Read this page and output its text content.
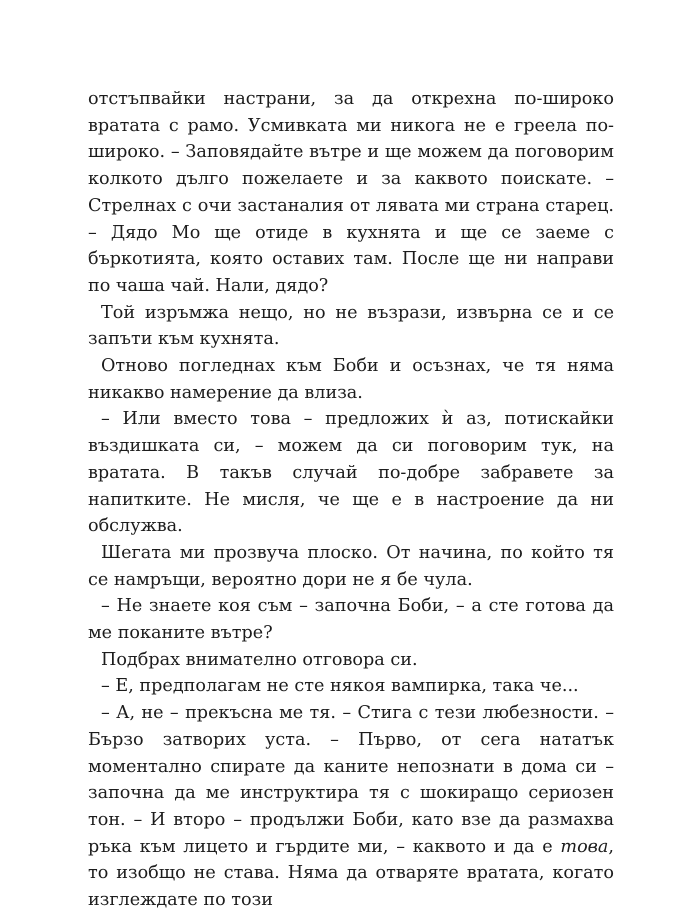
отстъпвайки настрани, за да открехна по-широко вратата с рамо. Усмивката ми никога не е греела по-широко. – Заповядайте вътре и ще можем да поговорим колкото дълго пожелаете и за каквото поискате. – Стрелнах с очи застаналия от лявата ми страна старец. – Дядо Мо ще отиде в кухнята и ще се заеме с бъркотията, която оставих там. После ще ни направи по чаша чай. Нали, дядо?

Той изръмжа нещо, но не възрази, извърна се и се запъти към кухнята.

Отново погледнах към Боби и осъзнах, че тя няма никакво намерение да влиза.

– Или вместо това – предложих ѝ аз, потискайки въздишката си, – можем да си поговорим тук, на вратата. В такъв случай по-добре забравете за напитките. Не мисля, че ще е в настроение да ни обслужва.

Шегата ми прозвуча плоско. От начина, по който тя се намръщи, вероятно дори не я бе чула.

– Не знаете коя съм – започна Боби, – а сте готова да ме поканите вътре?

Подбрах внимателно отговора си.

– Е, предполагам не сте някоя вампирка, така че...

– А, не – прекъсна ме тя. – Стига с тези любезности. – Бързо затворих уста. – Първо, от сега нататък моментално спирате да каните непознати в дома си – започна да ме инструктира тя с шокиращо сериозен тон. – И второ – продължи Боби, като взе да размахва ръка към лицето и гърдите ми, – каквото и да е това, то изобщо не става. Няма да отваряте вратата, когато изглеждате по този
